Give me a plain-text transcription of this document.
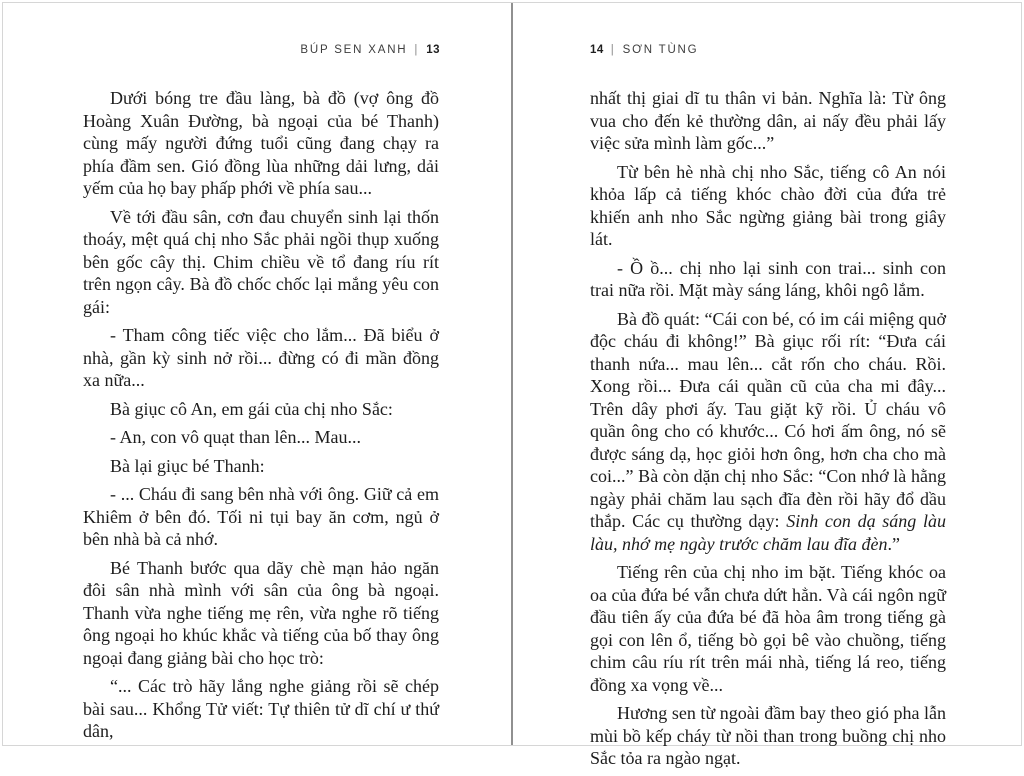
BÚP SEN XANH | 13

Dưới bóng tre đầu làng, bà đồ (vợ ông đồ Hoàng Xuân Đường, bà ngoại của bé Thanh) cùng mấy người đứng tuổi cũng đang chạy ra phía đầm sen. Gió đồng lùa những dải lưng, dải yếm của họ bay phấp phới về phía sau...

Về tới đầu sân, cơn đau chuyển sinh lại thốn thoáy, mệt quá chị nho Sắc phải ngồi thụp xuống bên gốc cây thị. Chim chiều về tổ đang ríu rít trên ngọn cây. Bà đồ chốc chốc lại mắng yêu con gái:

- Tham công tiếc việc cho lắm... Đã biểu ở nhà, gần kỳ sinh nở rồi... đừng có đi mần đồng xa nữa...

Bà giục cô An, em gái của chị nho Sắc:

- An, con vô quạt than lên... Mau...

Bà lại giục bé Thanh:

- ... Cháu đi sang bên nhà với ông. Giữ cả em Khiêm ở bên đó. Tối ni tụi bay ăn cơm, ngủ ở bên nhà bà cả nhớ.

Bé Thanh bước qua dãy chè mạn hảo ngăn đôi sân nhà mình với sân của ông bà ngoại. Thanh vừa nghe tiếng mẹ rên, vừa nghe rõ tiếng ông ngoại ho khúc khắc và tiếng của bố thay ông ngoại đang giảng bài cho học trò:

“... Các trò hãy lắng nghe giảng rồi sẽ chép bài sau... Khổng Tử viết: Tự thiên tử dĩ chí ư thứ dân,

14 | SƠN TÙNG

nhất thị giai dĩ tu thân vi bản. Nghĩa là: Từ ông vua cho đến kẻ thường dân, ai nấy đều phải lấy việc sửa mình làm gốc...”

Từ bên hè nhà chị nho Sắc, tiếng cô An nói khỏa lấp cả tiếng khóc chào đời của đứa trẻ khiến anh nho Sắc ngừng giảng bài trong giây lát.

- Ồ ồ... chị nho lại sinh con trai... sinh con trai nữa rồi. Mặt mày sáng láng, khôi ngô lắm.

Bà đồ quát: “Cái con bé, có im cái miệng quở độc cháu đi không!” Bà giục rối rít: “Đưa cái thanh nứa... mau lên... cắt rốn cho cháu. Rồi. Xong rồi... Đưa cái quần cũ của cha mi đây... Trên dây phơi ấy. Tau giặt kỹ rồi. Ủ cháu vô quần ông cho có khước... Có hơi ấm ông, nó sẽ được sáng dạ, học giỏi hơn ông, hơn cha cho mà coi...” Bà còn dặn chị nho Sắc: “Con nhớ là hằng ngày phải chăm lau sạch đĩa đèn rồi hãy đổ dầu thắp. Các cụ thường dạy: Sinh con dạ sáng làu làu, nhớ mẹ ngày trước chăm lau đĩa đèn.”

Tiếng rên của chị nho im bặt. Tiếng khóc oa oa của đứa bé vẫn chưa dứt hẳn. Và cái ngôn ngữ đầu tiên ấy của đứa bé đã hòa âm trong tiếng gà gọi con lên ổ, tiếng bò gọi bê vào chuồng, tiếng chim câu ríu rít trên mái nhà, tiếng lá reo, tiếng đồng xa vọng về...

Hương sen từ ngoài đầm bay theo gió pha lẫn mùi bồ kếp cháy từ nồi than trong buồng chị nho Sắc tỏa ra ngào ngạt.
